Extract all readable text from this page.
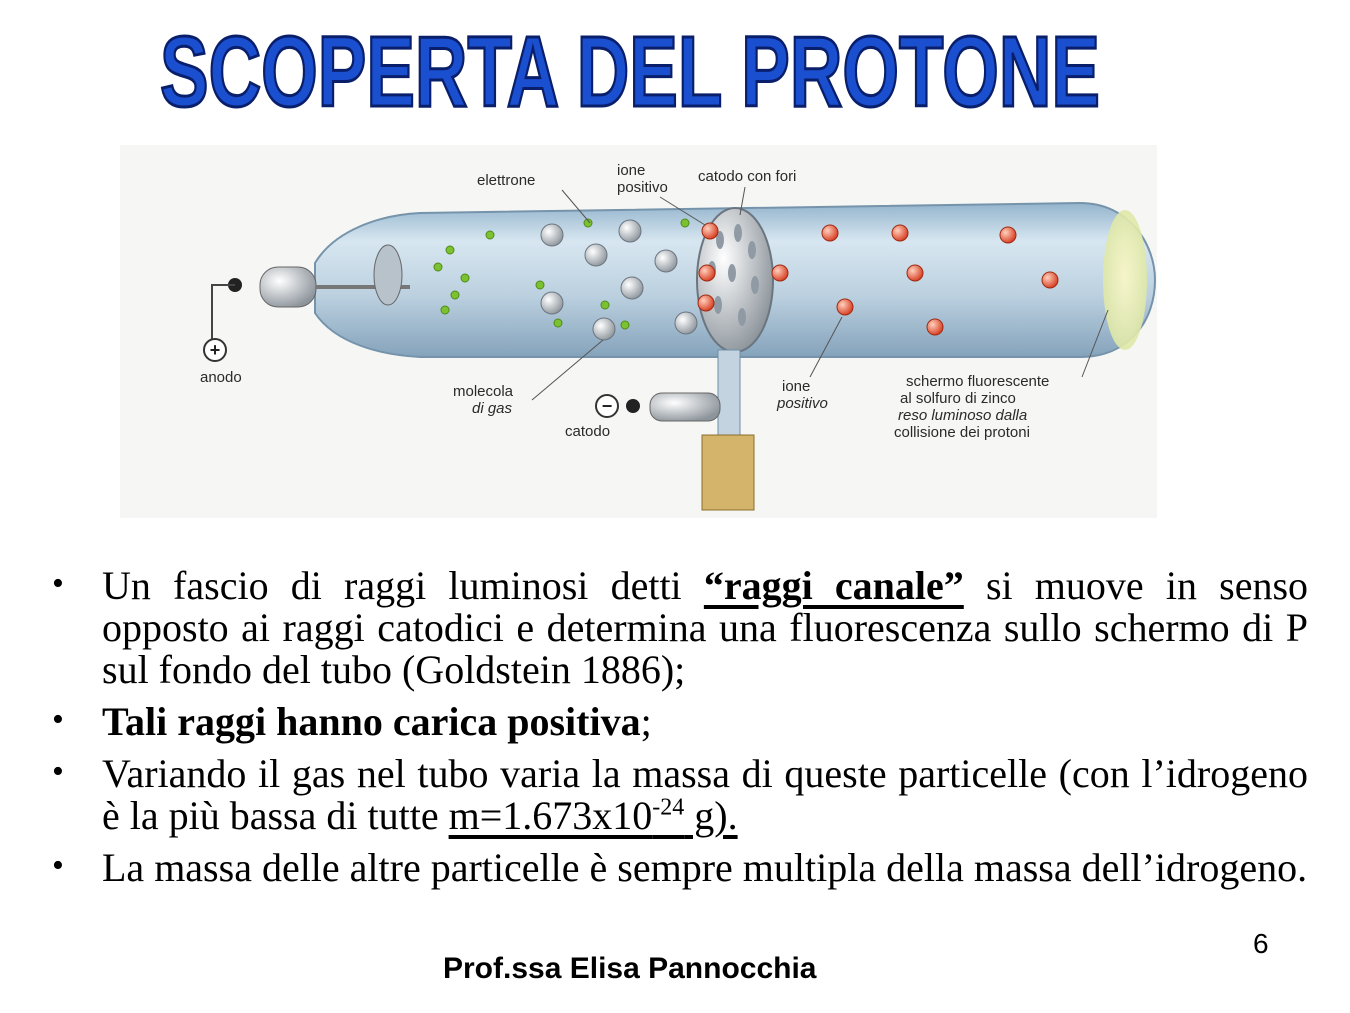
SCOPERTA DEL PROTONE
+
−
elettrone
ione
positivo
catodo con fori
anodo
molecola
di gas
catodo
ione
positivo
schermo fluorescente
al solfuro di zinco
reso luminoso dalla
collisione dei protoni
• Un fascio di raggi luminosi detti “raggi canale” si muove in senso opposto ai raggi catodici e determina una fluorescenza sullo schermo di P sul fondo del tubo (Goldstein 1886);
• Tali raggi hanno carica positiva;
• Variando il gas nel tubo varia la massa di queste particelle (con l’idrogeno è la più bassa di tutte $m=1.673x10^{-24}$ g).
• La massa delle altre particelle è sempre multipla della massa dell’idrogeno.
6
Prof.ssa Elisa Pannocchia
